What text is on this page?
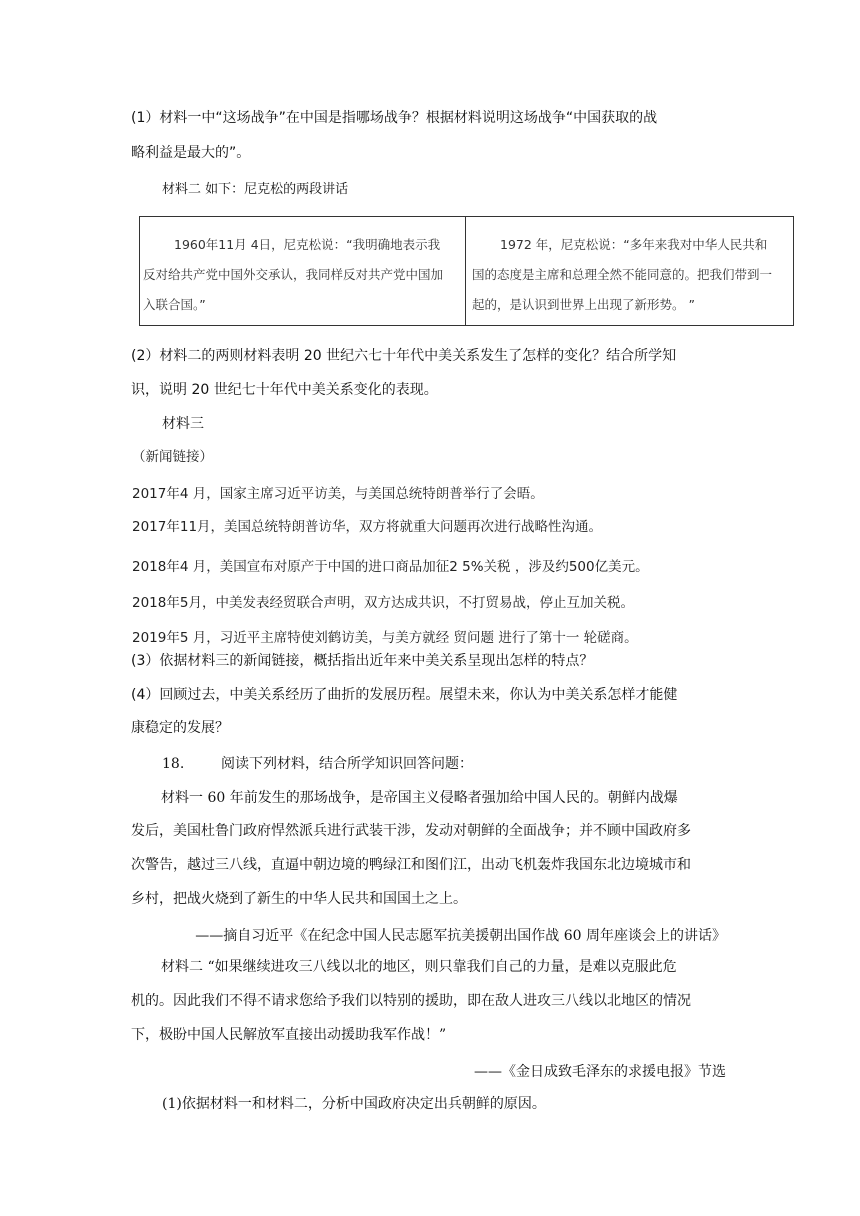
(1）材料一中“这场战争”在中国是指哪场战争？根据材料说明这场战争“中国获取的战
略利益是最大的”。
材料二 如下：尼克松的两段讲话
1960年11月 4日，尼克松说：“我明确地表示我
反对给共产党中国外交承认，我同样反对共产党中国加
入联合国。”
1972 年，尼克松说：“多年来我对中华人民共和
国的态度是主席和总理全然不能同意的。把我们带到一
起的，是认识到世界上出现了新形势。 ”
(2）材料二的两则材料表明 20 世纪六七十年代中美关系发生了怎样的变化？结合所学知
识，说明 20 世纪七十年代中美关系变化的表现。
材料三
（新闻链接）
2017年4 月，国家主席习近平访美，与美国总统特朗普举行了会晤。
2017年11月，美国总统特朗普访华，双方将就重大问题再次进行战略性沟通。
2018年4 月，美国宣布对原产于中国的进口商品加征2 5%关税 ，涉及约500亿美元。
2018年5月，中美发表经贸联合声明，双方达成共识，不打贸易战，停止互加关税。
2019年5 月，习近平主席特使刘鹤访美，与美方就经 贸问题 进行了第十一 轮磋商。
(3）依据材料三的新闻链接，概括指出近年来中美关系呈现出怎样的特点？
(4）回顾过去，中美关系经历了曲折的发展历程。展望未来，你认为中美关系怎样才能健
康稳定的发展？
18.	阅读下列材料，结合所学知识回答问题：
材料一 60 年前发生的那场战争，是帝国主义侵略者强加给中国人民的。朝鲜内战爆
发后，美国杜鲁门政府悍然派兵进行武装干涉，发动对朝鲜的全面战争；并不顾中国政府多
次警告，越过三八线，直逼中朝边境的鸭绿江和图们江，出动飞机轰炸我国东北边境城市和
乡村，把战火烧到了新生的中华人民共和国国土之上。
——摘自习近平《在纪念中国人民志愿军抗美援朝出国作战 60 周年座谈会上的讲话》
材料二 “如果继续进攻三八线以北的地区，则只靠我们自己的力量，是难以克服此危
机的。因此我们不得不请求您给予我们以特别的援助，即在敌人进攻三八线以北地区的情况
下，极盼中国人民解放军直接出动援助我军作战！”
——《金日成致毛泽东的求援电报》节选
(1)依据材料一和材料二，分析中国政府决定出兵朝鲜的原因。
